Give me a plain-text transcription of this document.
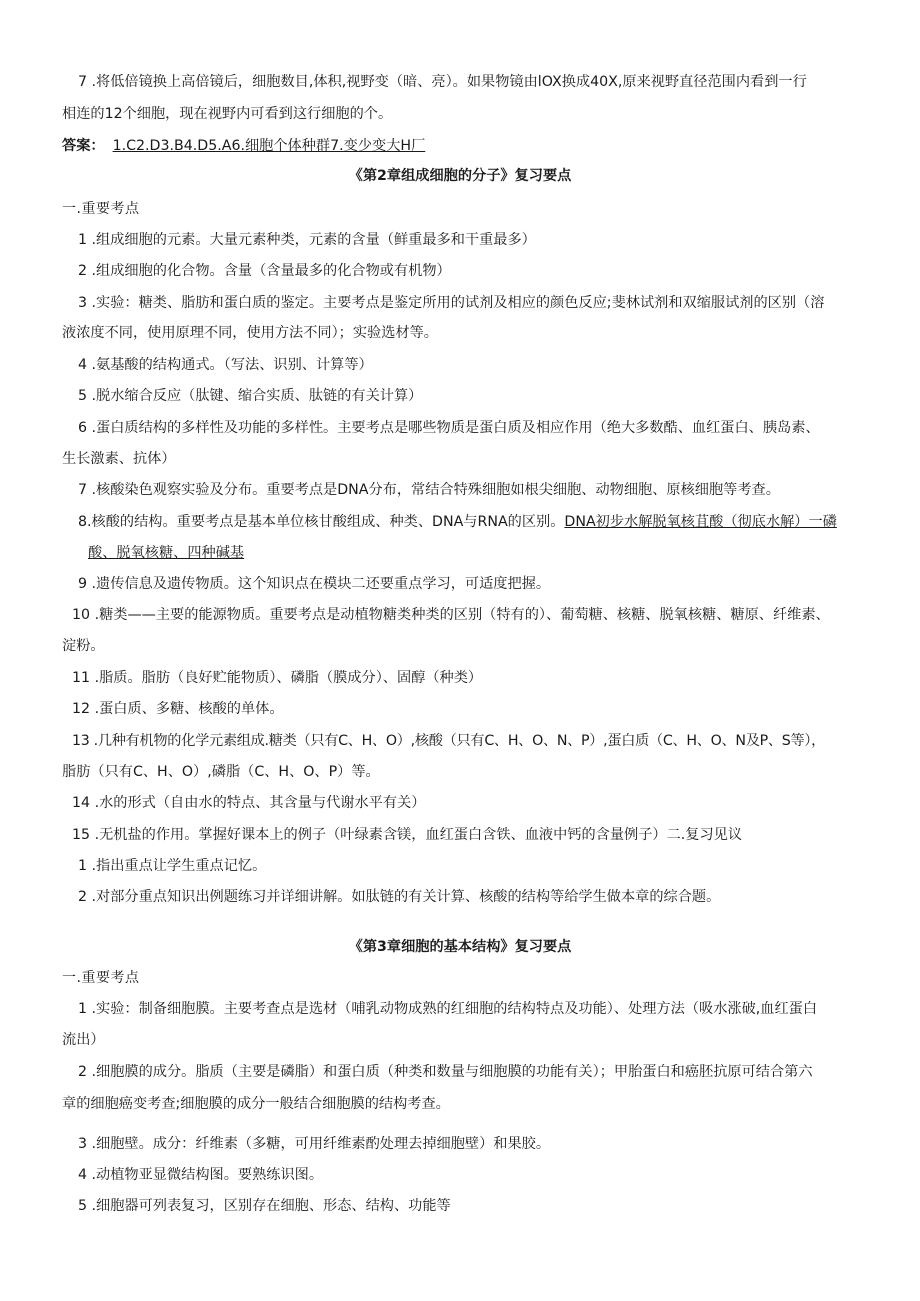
7 .将低倍镜换上高倍镜后，细胞数目,体积,视野变（暗、亮）。如果物镜由lOX换成40X,原来视野直径范围内看到一行
相连的12个细胞，现在视野内可看到这行细胞的个。
答案： 1.C2.D3.B4.D5.A6.细胞个体种群7.变少变大H厂
《第2章组成细胞的分子》复习要点
一.重要考点
1 .组成细胞的元素。大量元素种类，元素的含量（鲜重最多和干重最多）
2 .组成细胞的化合物。含量（含量最多的化合物或有机物）
3 .实验：糖类、脂肪和蛋白质的鉴定。主要考点是鉴定所用的试剂及相应的颜色反应;斐林试剂和双缩服试剂的区别（溶
液浓度不同，使用原理不同，使用方法不同）；实验选材等。
4 .氨基酸的结构通式。（写法、识别、计算等）
5 .脱水缩合反应（肽键、缩合实质、肽链的有关计算）
6 .蛋白质结构的多样性及功能的多样性。主要考点是哪些物质是蛋白质及相应作用（绝大多数酷、血红蛋白、胰岛素、
生长激素、抗体）
7 .核酸染色观察实验及分布。重要考点是DNA分布，常结合特殊细胞如根尖细胞、动物细胞、原核细胞等考查。
8.核酸的结构。重要考点是基本单位核甘酸组成、种类、DNA与RNA的区别。DNA初步水解脱氧核苴酸（彻底水解）一磷
酸、脱氧核糖、四种碱基
9 .遗传信息及遗传物质。这个知识点在模块二还要重点学习，可适度把握。
10 .糖类——主要的能源物质。重要考点是动植物糖类种类的区别（特有的）、葡萄糖、核糖、脱氧核糖、糖原、纤维素、
淀粉。
11 .脂质。脂肪（良好贮能物质）、磷脂（膜成分）、固醇（种类）
12 .蛋白质、多糖、核酸的单体。
13 .几种有机物的化学元素组成.糖类（只有C、H、O）,核酸（只有C、H、O、N、P）,蛋白质（C、H、O、N及P、S等），
脂肪（只有C、H、O）,磷脂（C、H、O、P）等。
14 .水的形式（自由水的特点、其含量与代谢水平有关）
15 .无机盐的作用。掌握好课本上的例子（叶绿素含镁，血红蛋白含铁、血液中钙的含量例子）二.复习见议
1 .指出重点让学生重点记忆。
2 .对部分重点知识出例题练习并详细讲解。如肽链的有关计算、核酸的结构等给学生做本章的综合题。
《第3章细胞的基本结构》复习要点
一.重要考点
1 .实验：制备细胞膜。主要考查点是选材（哺乳动物成熟的红细胞的结构特点及功能）、处理方法（吸水涨破,血红蛋白
流出）
2 .细胞膜的成分。脂质（主要是磷脂）和蛋白质（种类和数量与细胞膜的功能有关）；甲胎蛋白和癌胚抗原可结合第六
章的细胞癌变考查;细胞膜的成分一般结合细胞膜的结构考查。
3 .细胞壁。成分：纤维素（多糖，可用纤维素酌处理去掉细胞壁）和果胶。
4 .动植物亚显微结构图。要熟练识图。
5 .细胞器可列表复习，区别存在细胞、形态、结构、功能等
